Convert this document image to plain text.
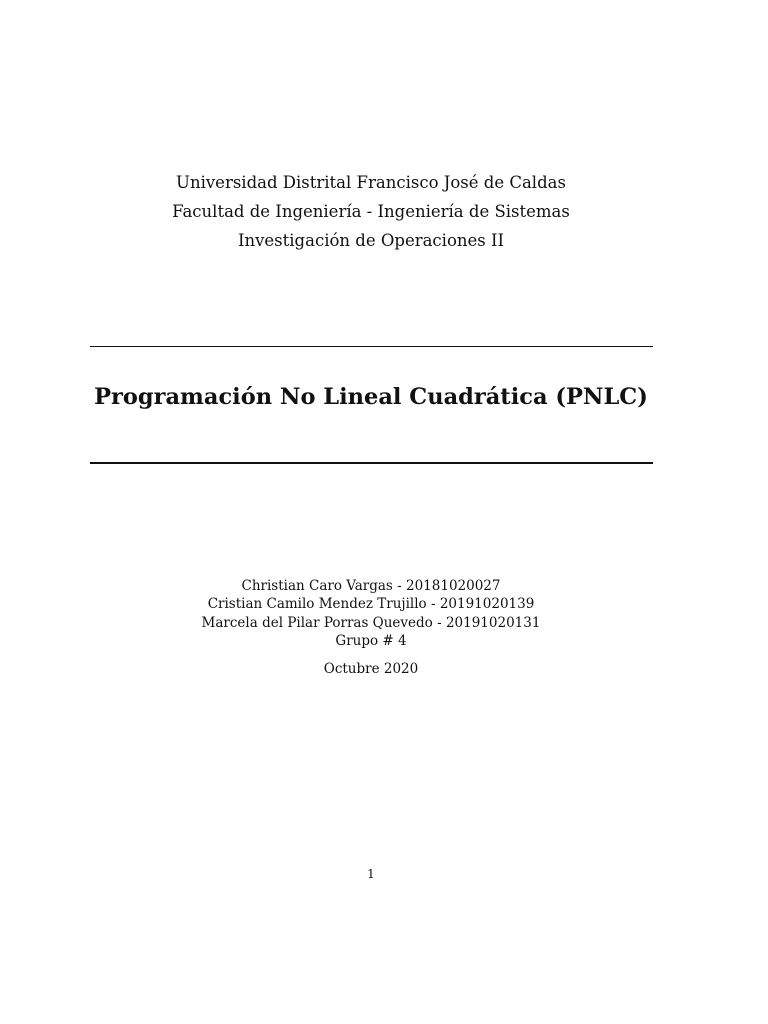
Universidad Distrital Francisco José de Caldas
Facultad de Ingeniería - Ingeniería de Sistemas
Investigación de Operaciones II
Programación No Lineal Cuadrática (PNLC)
Christian Caro Vargas - 20181020027
Cristian Camilo Mendez Trujillo - 20191020139
Marcela del Pilar Porras Quevedo - 20191020131
Grupo # 4
Octubre 2020
1
